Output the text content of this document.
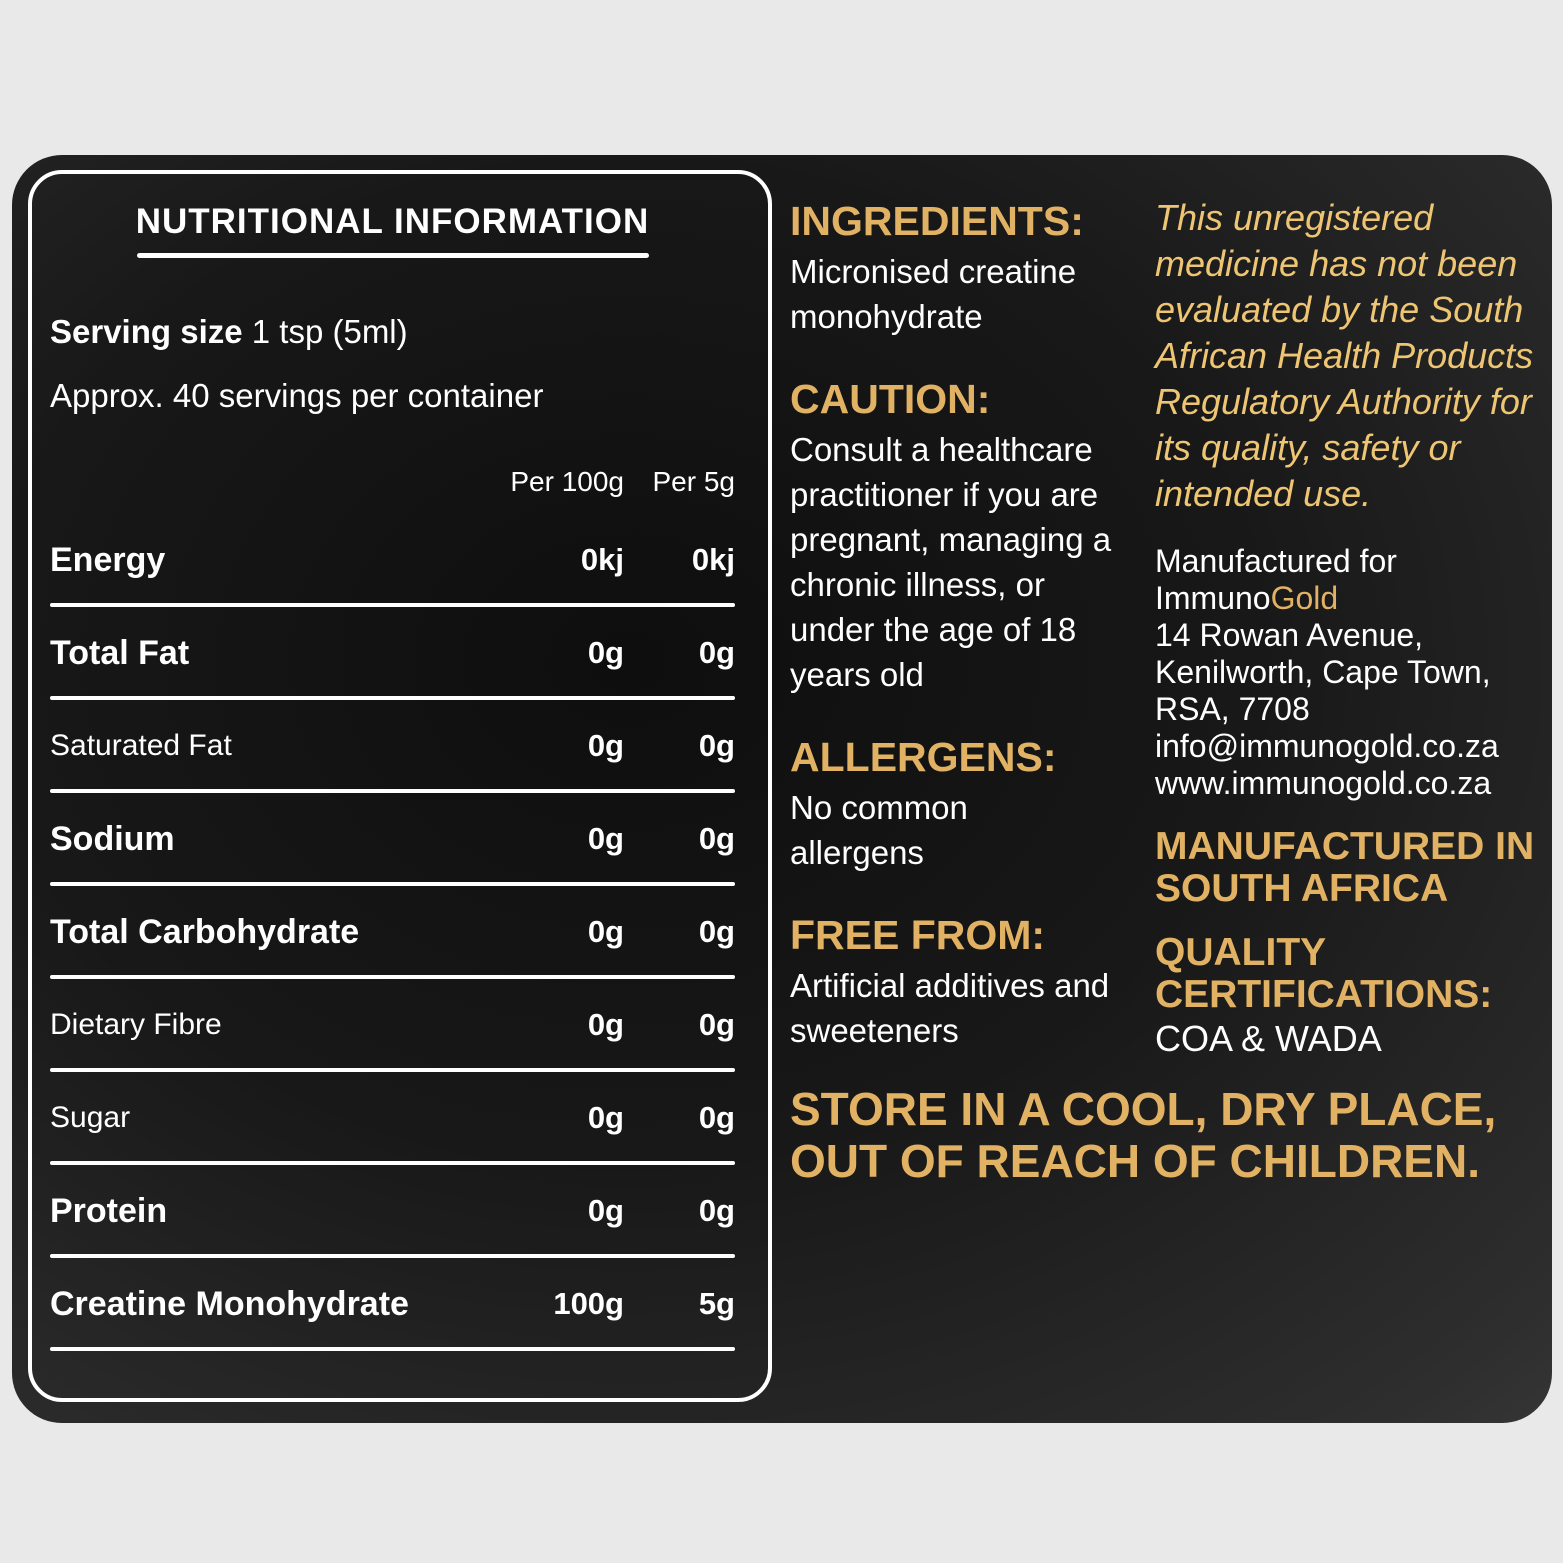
NUTRITIONAL INFORMATION

Serving size 1 tsp (5ml)

Approx. 40 servings per container

Per 100g	Per 5g
Energy	0kj	0kj
Total Fat	0g	0g
Saturated Fat	0g	0g
Sodium	0g	0g
Total Carbohydrate	0g	0g
Dietary Fibre	0g	0g
Sugar	0g	0g
Protein	0g	0g
Creatine Monohydrate	100g	5g
INGREDIENTS:

Micronised creatine monohydrate

CAUTION:

Consult a healthcare practitioner if you are pregnant, managing a chronic illness, or under the age of 18 years old

ALLERGENS:

No common allergens

FREE FROM:

Artificial additives and sweeteners

This unregistered medicine has not been evaluated by the South African Health Products Regulatory Authority for its quality, safety or intended use.

Manufactured for
ImmunoGold
14 Rowan Avenue,
Kenilworth, Cape Town,
RSA, 7708
info@immunogold.co.za
www.immunogold.co.za

MANUFACTURED IN SOUTH AFRICA

QUALITY CERTIFICATIONS:

COA & WADA

STORE IN A COOL, DRY PLACE,
OUT OF REACH OF CHILDREN.
